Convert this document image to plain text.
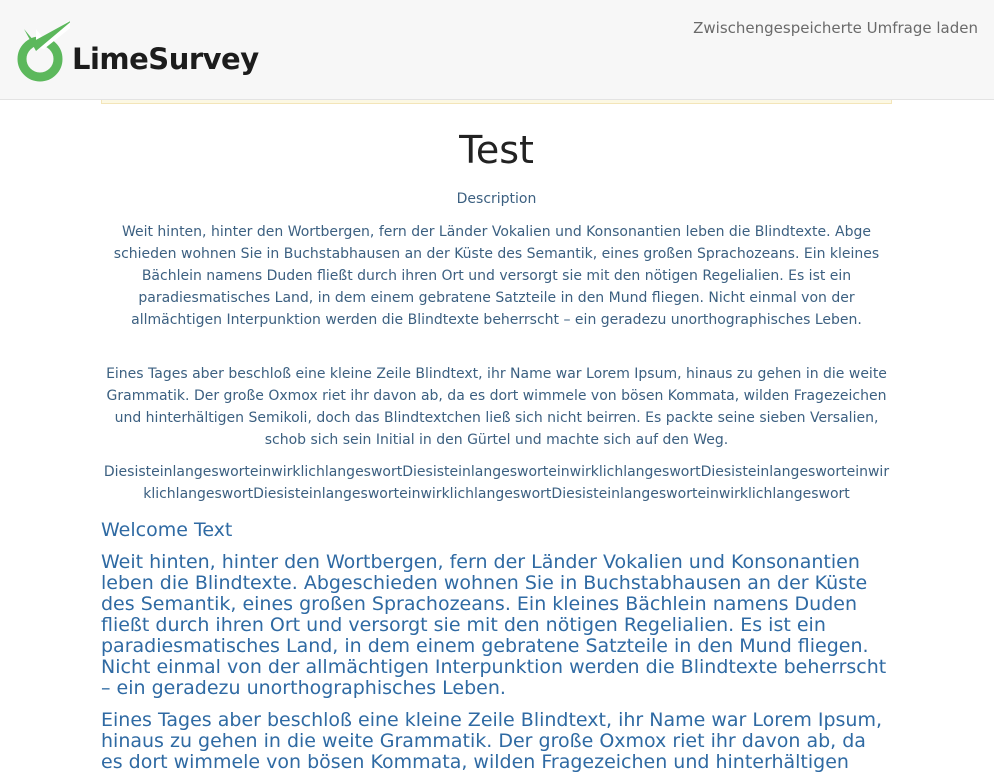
LimeSurvey
Zwischengespeicherte Umfrage laden
Test
Description

Weit hinten, hinter den Wortbergen, fern der Länder Vokalien und Konsonantien leben die Blindtexte. Abge schieden wohnen Sie in Buchstabhausen an der Küste des Semantik, eines großen Sprachozeans. Ein kleines Bächlein namens Duden fließt durch ihren Ort und versorgt sie mit den nötigen Regelialien. Es ist ein paradiesmatisches Land, in dem einem gebratene Satzteile in den Mund fliegen. Nicht einmal von der allmächtigen Interpunktion werden die Blindtexte beherrscht – ein geradezu unorthographisches Leben.

Eines Tages aber beschloß eine kleine Zeile Blindtext, ihr Name war Lorem Ipsum, hinaus zu gehen in die weite Grammatik. Der große Oxmox riet ihr davon ab, da es dort wimmele von bösen Kommata, wilden Fragezeichen und hinterhältigen Semikoli, doch das Blindtextchen ließ sich nicht beirren. Es packte seine sieben Versalien, schob sich sein Initial in den Gürtel und machte sich auf den Weg.

DiesisteinlangesworteinwirklichlangeswortDiesisteinlangesworteinwirklichlangeswortDiesisteinlangesworteinwirklichlangeswortDiesisteinlangesworteinwirklichlangeswortDiesisteinlangesworteinwirklichlangeswort

Welcome Text

Weit hinten, hinter den Wortbergen, fern der Länder Vokalien und Konsonantien leben die Blindtexte. Abgeschieden wohnen Sie in Buchstabhausen an der Küste des Semantik, eines großen Sprachozeans. Ein kleines Bächlein namens Duden fließt durch ihren Ort und versorgt sie mit den nötigen Regelialien. Es ist ein paradiesmatisches Land, in dem einem gebratene Satzteile in den Mund fliegen. Nicht einmal von der allmächtigen Interpunktion werden die Blindtexte beherrscht – ein geradezu unorthographisches Leben.

Eines Tages aber beschloß eine kleine Zeile Blindtext, ihr Name war Lorem Ipsum, hinaus zu gehen in die weite Grammatik. Der große Oxmox riet ihr davon ab, da es dort wimmele von bösen Kommata, wilden Fragezeichen und hinterhältigen
